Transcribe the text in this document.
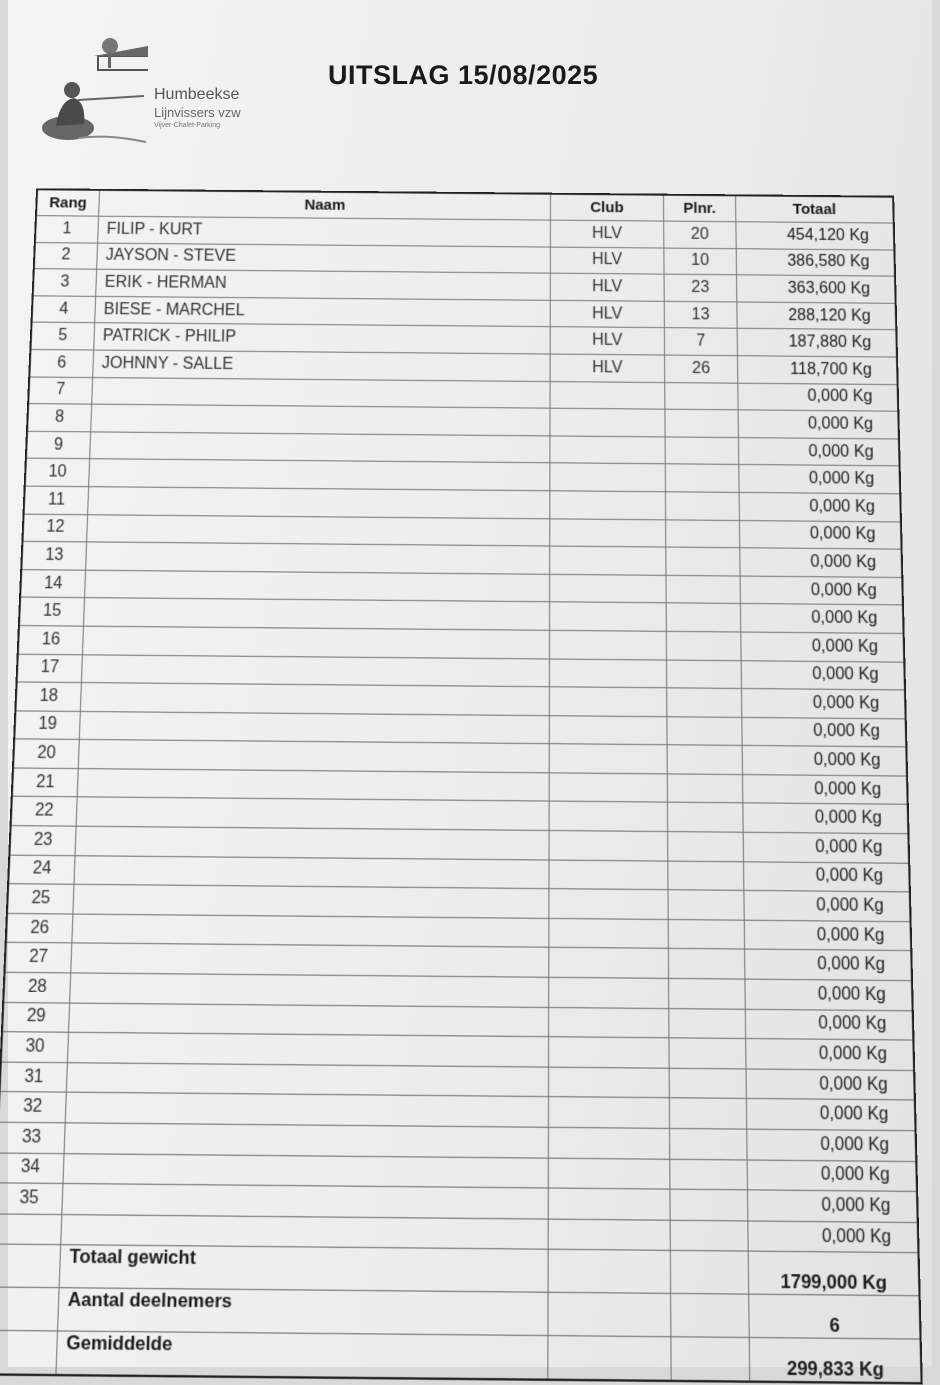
Humbeekse
Lijnvissers vzw
Vijver-Chalet-Parking
UITSLAG 15/08/2025
Rang	Naam	Club	Plnr.	Totaal
1	FILIP - KURT	HLV	20	454,120 Kg
2	JAYSON - STEVE	HLV	10	386,580 Kg
3	ERIK - HERMAN	HLV	23	363,600 Kg
4	BIESE - MARCHEL	HLV	13	288,120 Kg
5	PATRICK - PHILIP	HLV	7	187,880 Kg
6	JOHNNY - SALLE	HLV	26	118,700 Kg
7				0,000 Kg
8				0,000 Kg
9				0,000 Kg
10				0,000 Kg
11				0,000 Kg
12				0,000 Kg
13				0,000 Kg
14				0,000 Kg
15				0,000 Kg
16				0,000 Kg
17				0,000 Kg
18				0,000 Kg
19				0,000 Kg
20				0,000 Kg
21				0,000 Kg
22				0,000 Kg
23				0,000 Kg
24				0,000 Kg
25				0,000 Kg
26				0,000 Kg
27				0,000 Kg
28				0,000 Kg
29				0,000 Kg
30				0,000 Kg
31				0,000 Kg
32				0,000 Kg
33				0,000 Kg
34				0,000 Kg
35				0,000 Kg
				0,000 Kg
	Totaal gewicht			1799,000 Kg
	Aantal deelnemers			6
	Gemiddelde			299,833 Kg
